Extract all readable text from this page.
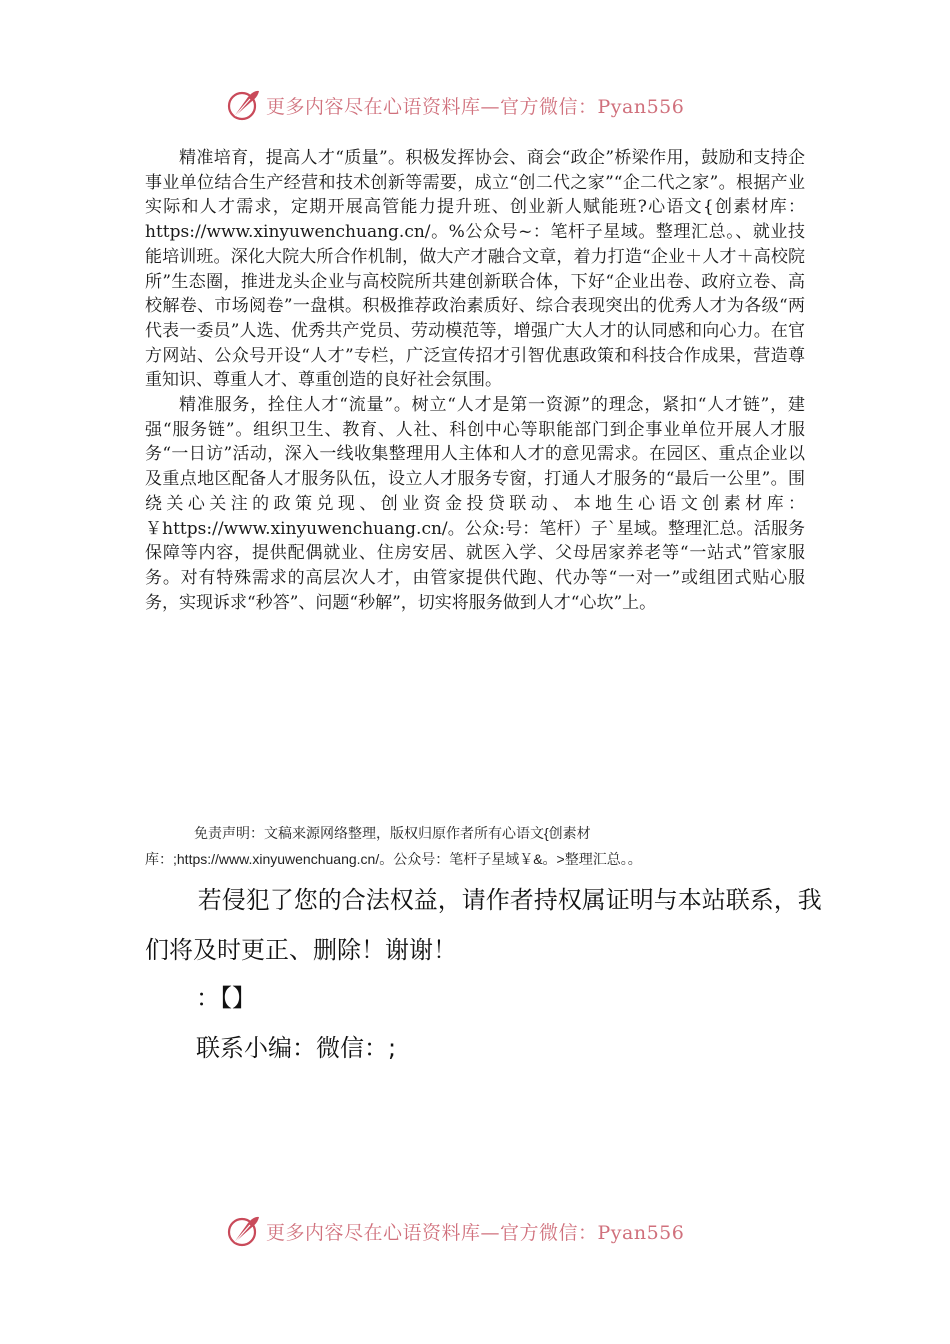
更多内容尽在心语资料库—官方微信：Pyan556

精准培育，提高人才“质量”。积极发挥协会、商会“政企”桥梁作用，鼓励和支持企事业单位结合生产经营和技术创新等需要，成立“创二代之家”“企二代之家”。根据产业实际和人才需求，定期开展高管能力提升班、创业新人赋能班?心语文{创素材库：https://www.xinyuwenchuang.cn/。%公众号~：笔杆子星域。整理汇总。、就业技能培训班。深化大院大所合作机制，做大产才融合文章，着力打造“企业＋人才＋高校院所”生态圈，推进龙头企业与高校院所共建创新联合体，下好“企业出卷、政府立卷、高校解卷、市场阅卷”一盘棋。积极推荐政治素质好、综合表现突出的优秀人才为各级“两代表一委员”人选、优秀共产党员、劳动模范等，增强广大人才的认同感和向心力。在官方网站、公众号开设“人才”专栏，广泛宣传招才引智优惠政策和科技合作成果，营造尊重知识、尊重人才、尊重创造的良好社会氛围。

精准服务，拴住人才“流量”。树立“人才是第一资源”的理念，紧扣“人才链”，建强“服务链”。组织卫生、教育、人社、科创中心等职能部门到企事业单位开展人才服务“一日访”活动，深入一线收集整理用人主体和人才的意见需求。在园区、重点企业以及重点地区配备人才服务队伍，设立人才服务专窗，打通人才服务的“最后一公里”。围绕关心关注的政策兑现、创业资金投贷联动、本地生心语文创素材库：￥https://www.xinyuwenchuang.cn/。公众:号：笔杆）子`星域。整理汇总。活服务保障等内容，提供配偶就业、住房安居、就医入学、父母居家养老等“一站式”管家服务。对有特殊需求的高层次人才，由管家提供代跑、代办等“一对一”或组团式贴心服务，实现诉求“秒答”、问题“秒解”，切实将服务做到人才“心坎”上。

免责声明：文稿来源网络整理，版权归原作者所有心语文{创素材库：;https://www.xinyuwenchuang.cn/。公众号：笔杆子星域￥&。>整理汇总。。
若侵犯了您的合法权益，请作者持权属证明与本站联系，我们将及时更正、删除！谢谢！
：【】
联系小编：微信：;
更多内容尽在心语资料库—官方微信：Pyan556
